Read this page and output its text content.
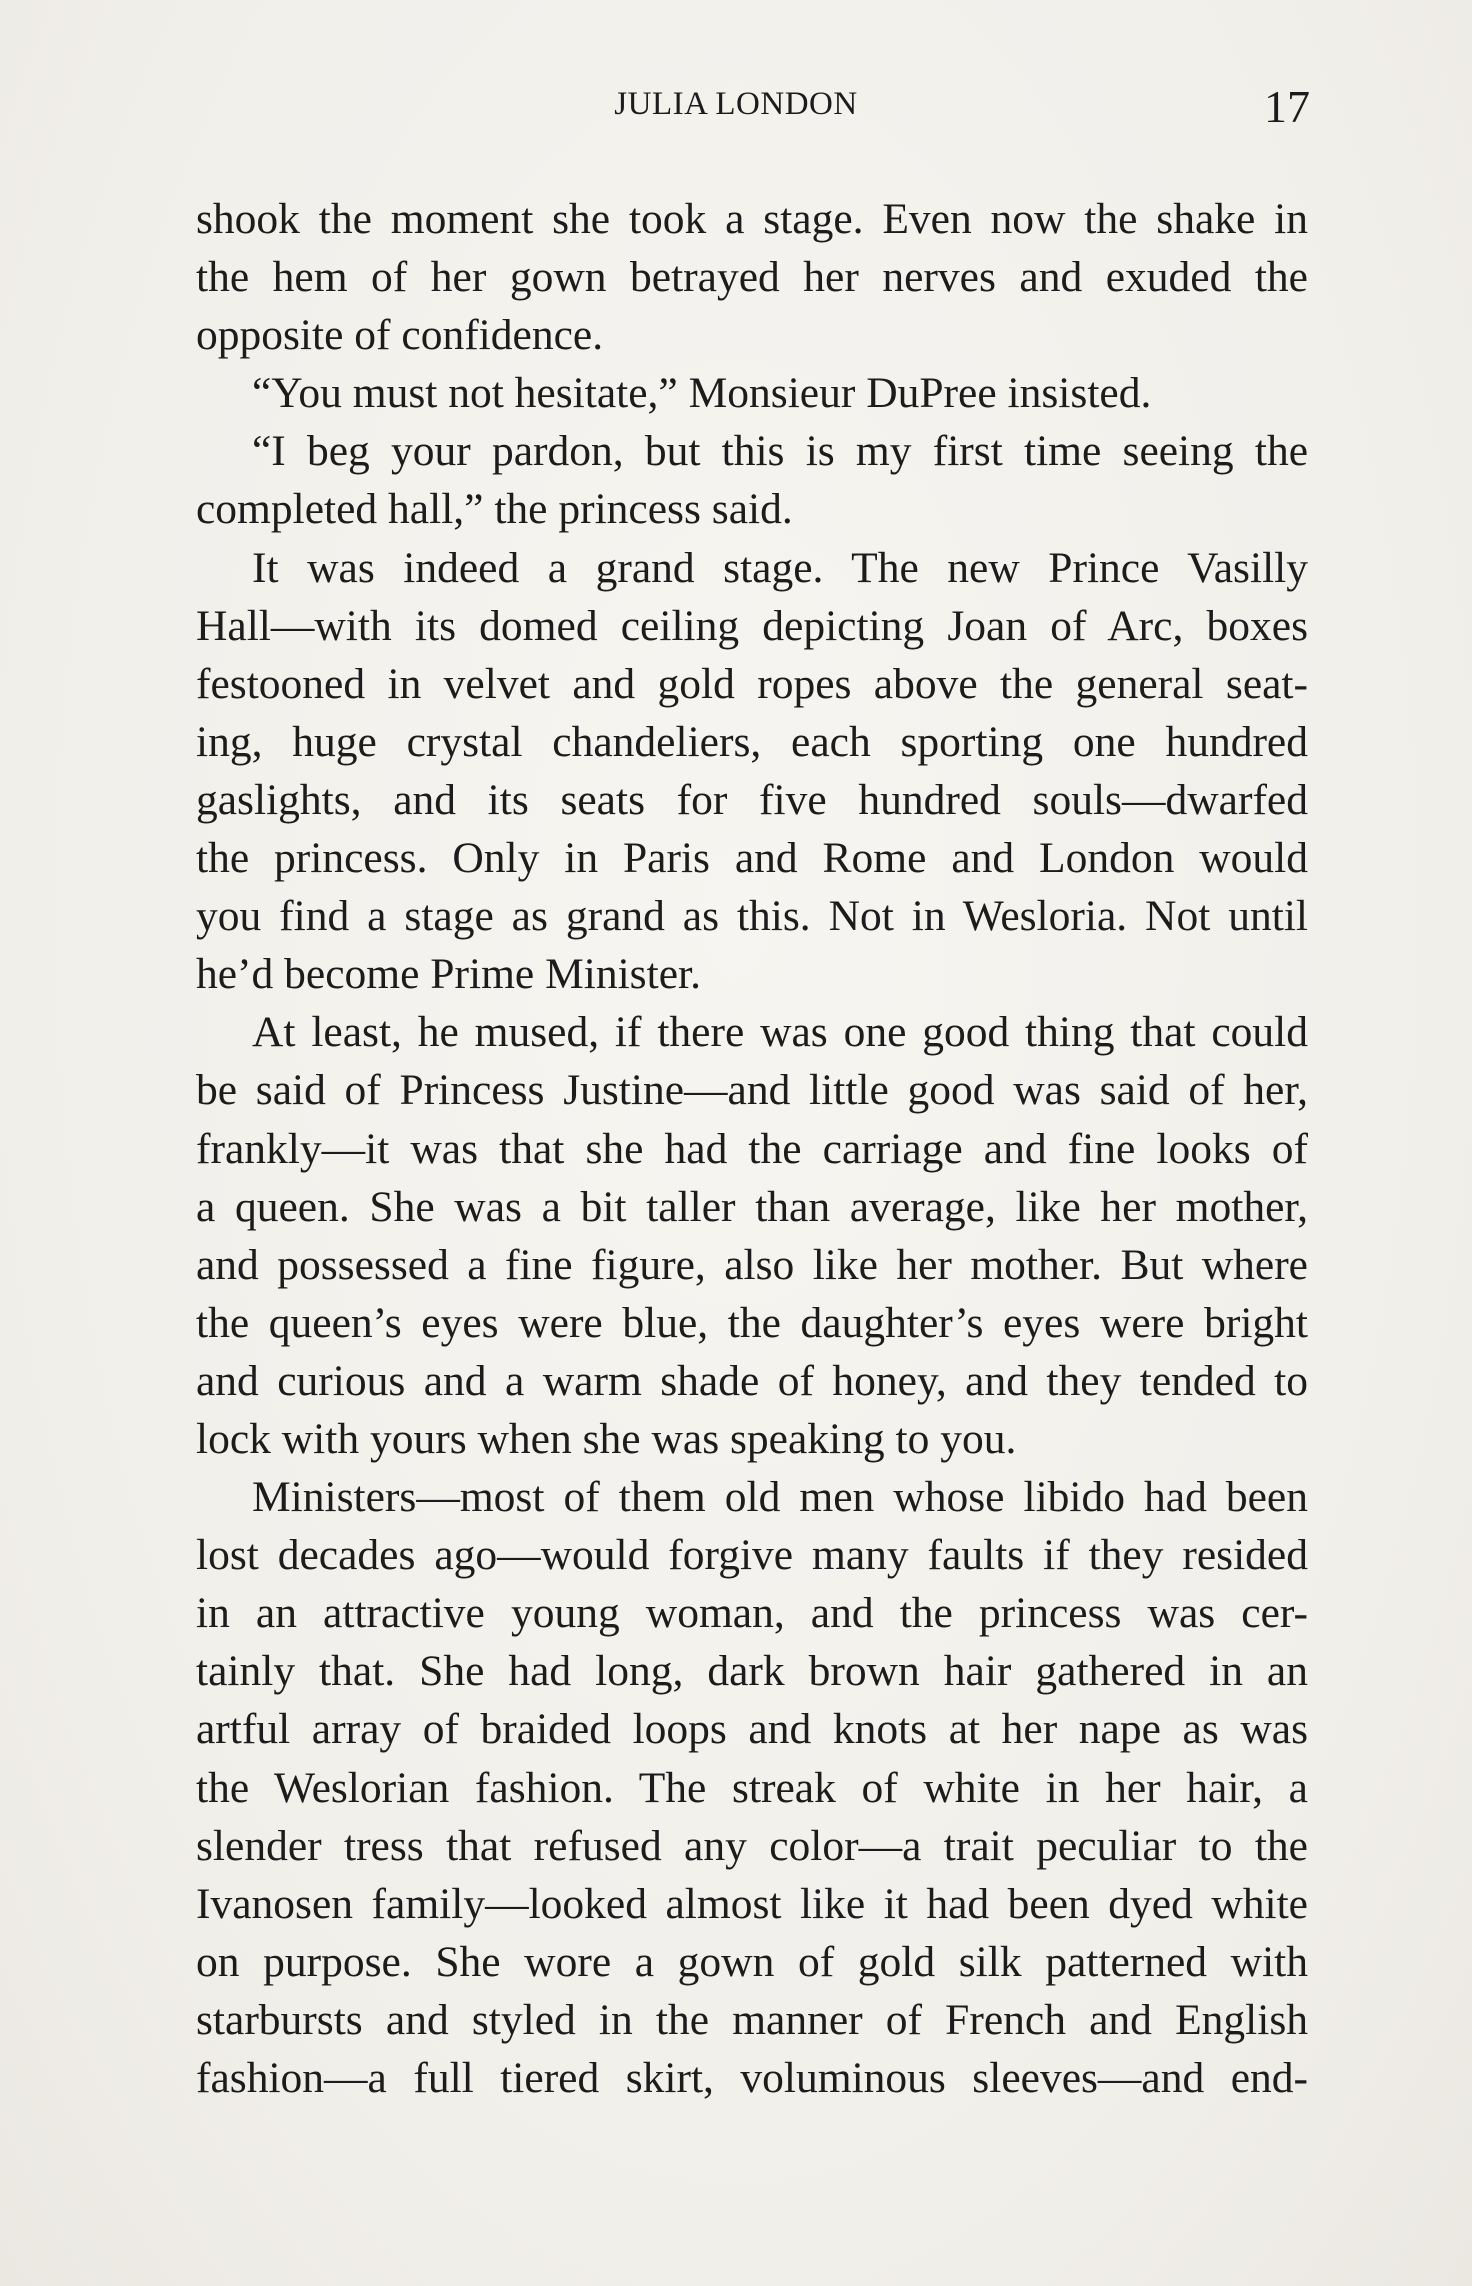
JULIA LONDON	17
shook the moment she took a stage. Even now the shake in
the hem of her gown betrayed her nerves and exuded the
opposite of confidence.
“You must not hesitate,” Monsieur DuPree insisted.
“I beg your pardon, but this is my first time seeing the
completed hall,” the princess said.
It was indeed a grand stage. The new Prince Vasilly
Hall—with its domed ceiling depicting Joan of Arc, boxes
festooned in velvet and gold ropes above the general seat-
ing, huge crystal chandeliers, each sporting one hundred
gaslights, and its seats for five hundred souls—dwarfed
the princess. Only in Paris and Rome and London would
you find a stage as grand as this. Not in Wesloria. Not until
he’d become Prime Minister.
At least, he mused, if there was one good thing that could
be said of Princess Justine—and little good was said of her,
frankly—it was that she had the carriage and fine looks of
a queen. She was a bit taller than average, like her mother,
and possessed a fine figure, also like her mother. But where
the queen’s eyes were blue, the daughter’s eyes were bright
and curious and a warm shade of honey, and they tended to
lock with yours when she was speaking to you.
Ministers—most of them old men whose libido had been
lost decades ago—would forgive many faults if they resided
in an attractive young woman, and the princess was cer-
tainly that. She had long, dark brown hair gathered in an
artful array of braided loops and knots at her nape as was
the Weslorian fashion. The streak of white in her hair, a
slender tress that refused any color—a trait peculiar to the
Ivanosen family—looked almost like it had been dyed white
on purpose. She wore a gown of gold silk patterned with
starbursts and styled in the manner of French and English
fashion—a full tiered skirt, voluminous sleeves—and end-
